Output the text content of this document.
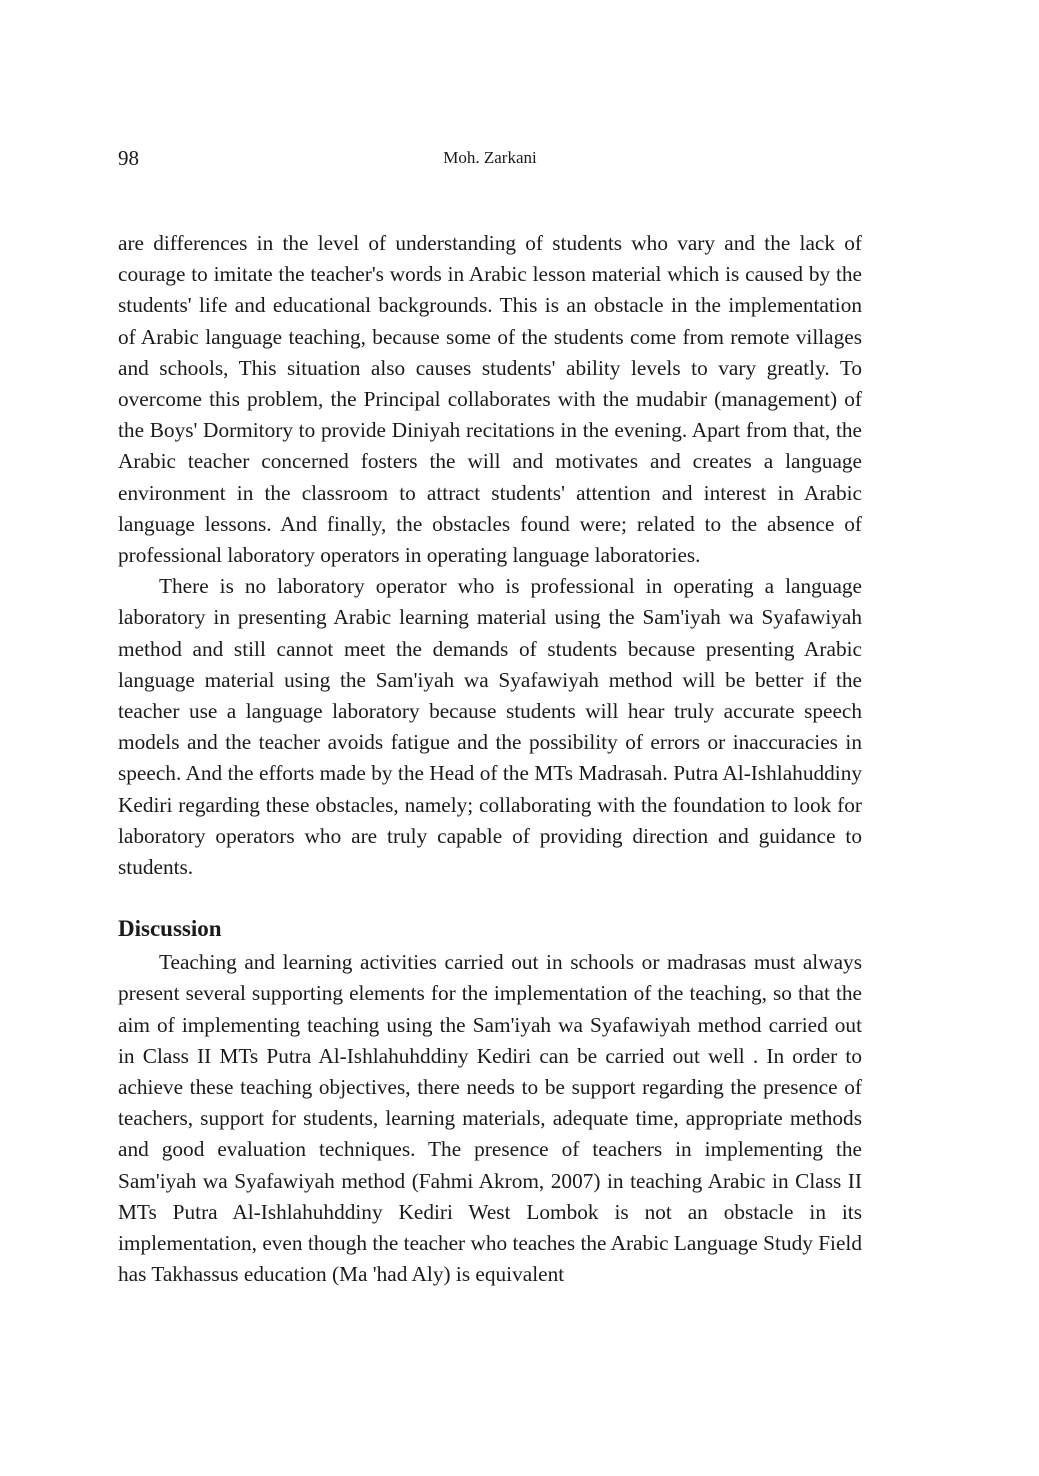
98	Moh. Zarkani

are differences in the level of understanding of students who vary and the lack of courage to imitate the teacher's words in Arabic lesson material which is caused by the students' life and educational backgrounds. This is an obstacle in the implementation of Arabic language teaching, because some of the students come from remote villages and schools, This situation also causes students' ability levels to vary greatly. To overcome this problem, the Principal collaborates with the mudabir (management) of the Boys' Dormitory to provide Diniyah recitations in the evening. Apart from that, the Arabic teacher concerned fosters the will and motivates and creates a language environment in the classroom to attract students' attention and interest in Arabic language lessons. And finally, the obstacles found were; related to the absence of professional laboratory operators in operating language laboratories.

There is no laboratory operator who is professional in operating a language laboratory in presenting Arabic learning material using the Sam'iyah wa Syafawiyah method and still cannot meet the demands of students because presenting Arabic language material using the Sam'iyah wa Syafawiyah method will be better if the teacher use a language laboratory because students will hear truly accurate speech models and the teacher avoids fatigue and the possibility of errors or inaccuracies in speech. And the efforts made by the Head of the MTs Madrasah. Putra Al-Ishlahuddiny Kediri regarding these obstacles, namely; collaborating with the foundation to look for laboratory operators who are truly capable of providing direction and guidance to students.

Discussion

Teaching and learning activities carried out in schools or madrasas must always present several supporting elements for the implementation of the teaching, so that the aim of implementing teaching using the Sam'iyah wa Syafawiyah method carried out in Class II MTs Putra Al-Ishlahuhddiny Kediri can be carried out well . In order to achieve these teaching objectives, there needs to be support regarding the presence of teachers, support for students, learning materials, adequate time, appropriate methods and good evaluation techniques. The presence of teachers in implementing the Sam'iyah wa Syafawiyah method (Fahmi Akrom, 2007) in teaching Arabic in Class II MTs Putra Al-Ishlahuhddiny Kediri West Lombok is not an obstacle in its implementation, even though the teacher who teaches the Arabic Language Study Field has Takhassus education (Ma 'had Aly) is equivalent
